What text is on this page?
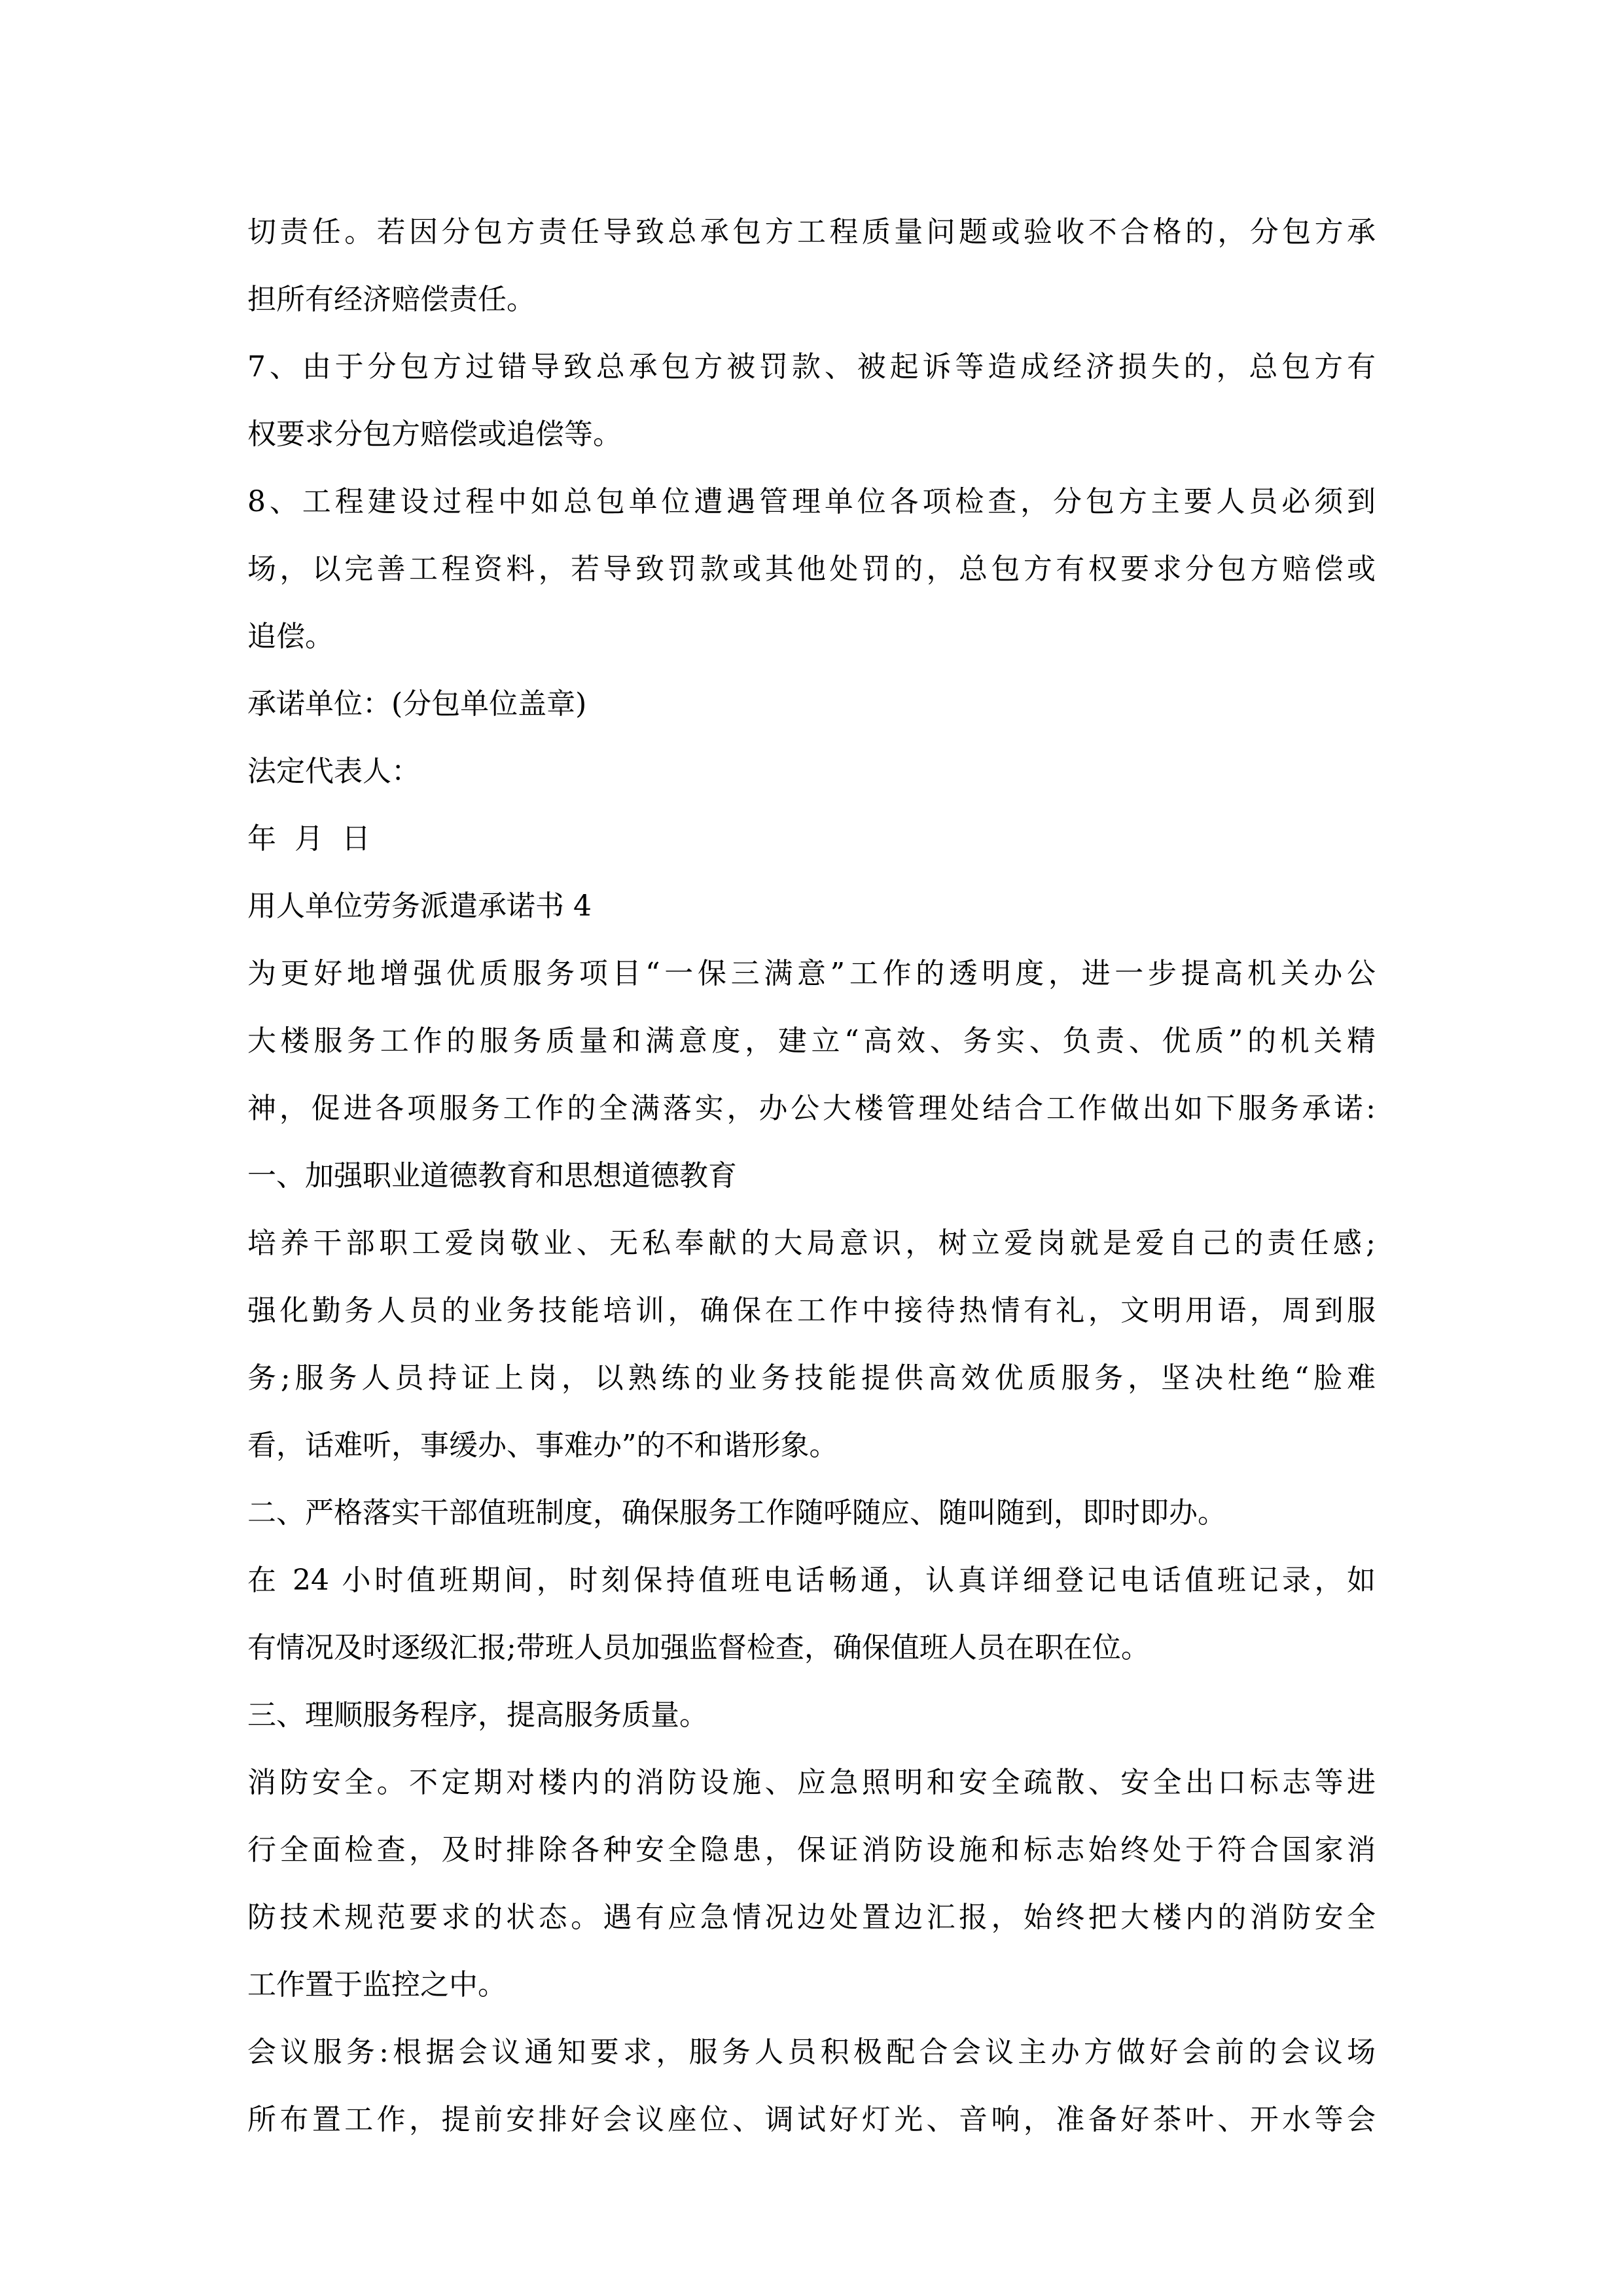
切责任。若因分包方责任导致总承包方工程质量问题或验收不合格的，分包方承
担所有经济赔偿责任。
7、由于分包方过错导致总承包方被罚款、被起诉等造成经济损失的，总包方有
权要求分包方赔偿或追偿等。
8、工程建设过程中如总包单位遭遇管理单位各项检查，分包方主要人员必须到
场，以完善工程资料，若导致罚款或其他处罚的，总包方有权要求分包方赔偿或
追偿。
承诺单位：(分包单位盖章)
法定代表人：
年  月  日
用人单位劳务派遣承诺书 4
为更好地增强优质服务项目“一保三满意”工作的透明度，进一步提高机关办公
大楼服务工作的服务质量和满意度，建立“高效、务实、负责、优质”的机关精
神，促进各项服务工作的全满落实，办公大楼管理处结合工作做出如下服务承诺:
一、加强职业道德教育和思想道德教育
培养干部职工爱岗敬业、无私奉献的大局意识，树立爱岗就是爱自己的责任感;
强化勤务人员的业务技能培训，确保在工作中接待热情有礼，文明用语，周到服
务;服务人员持证上岗，以熟练的业务技能提供高效优质服务，坚决杜绝“脸难
看，话难听，事缓办、事难办”的不和谐形象。
二、严格落实干部值班制度，确保服务工作随呼随应、随叫随到，即时即办。
在 24 小时值班期间，时刻保持值班电话畅通，认真详细登记电话值班记录，如
有情况及时逐级汇报;带班人员加强监督检查，确保值班人员在职在位。
三、理顺服务程序，提高服务质量。
消防安全。不定期对楼内的消防设施、应急照明和安全疏散、安全出口标志等进
行全面检查，及时排除各种安全隐患，保证消防设施和标志始终处于符合国家消
防技术规范要求的状态。遇有应急情况边处置边汇报，始终把大楼内的消防安全
工作置于监控之中。
会议服务:根据会议通知要求，服务人员积极配合会议主办方做好会前的会议场
所布置工作，提前安排好会议座位、调试好灯光、音响，准备好茶叶、开水等会
